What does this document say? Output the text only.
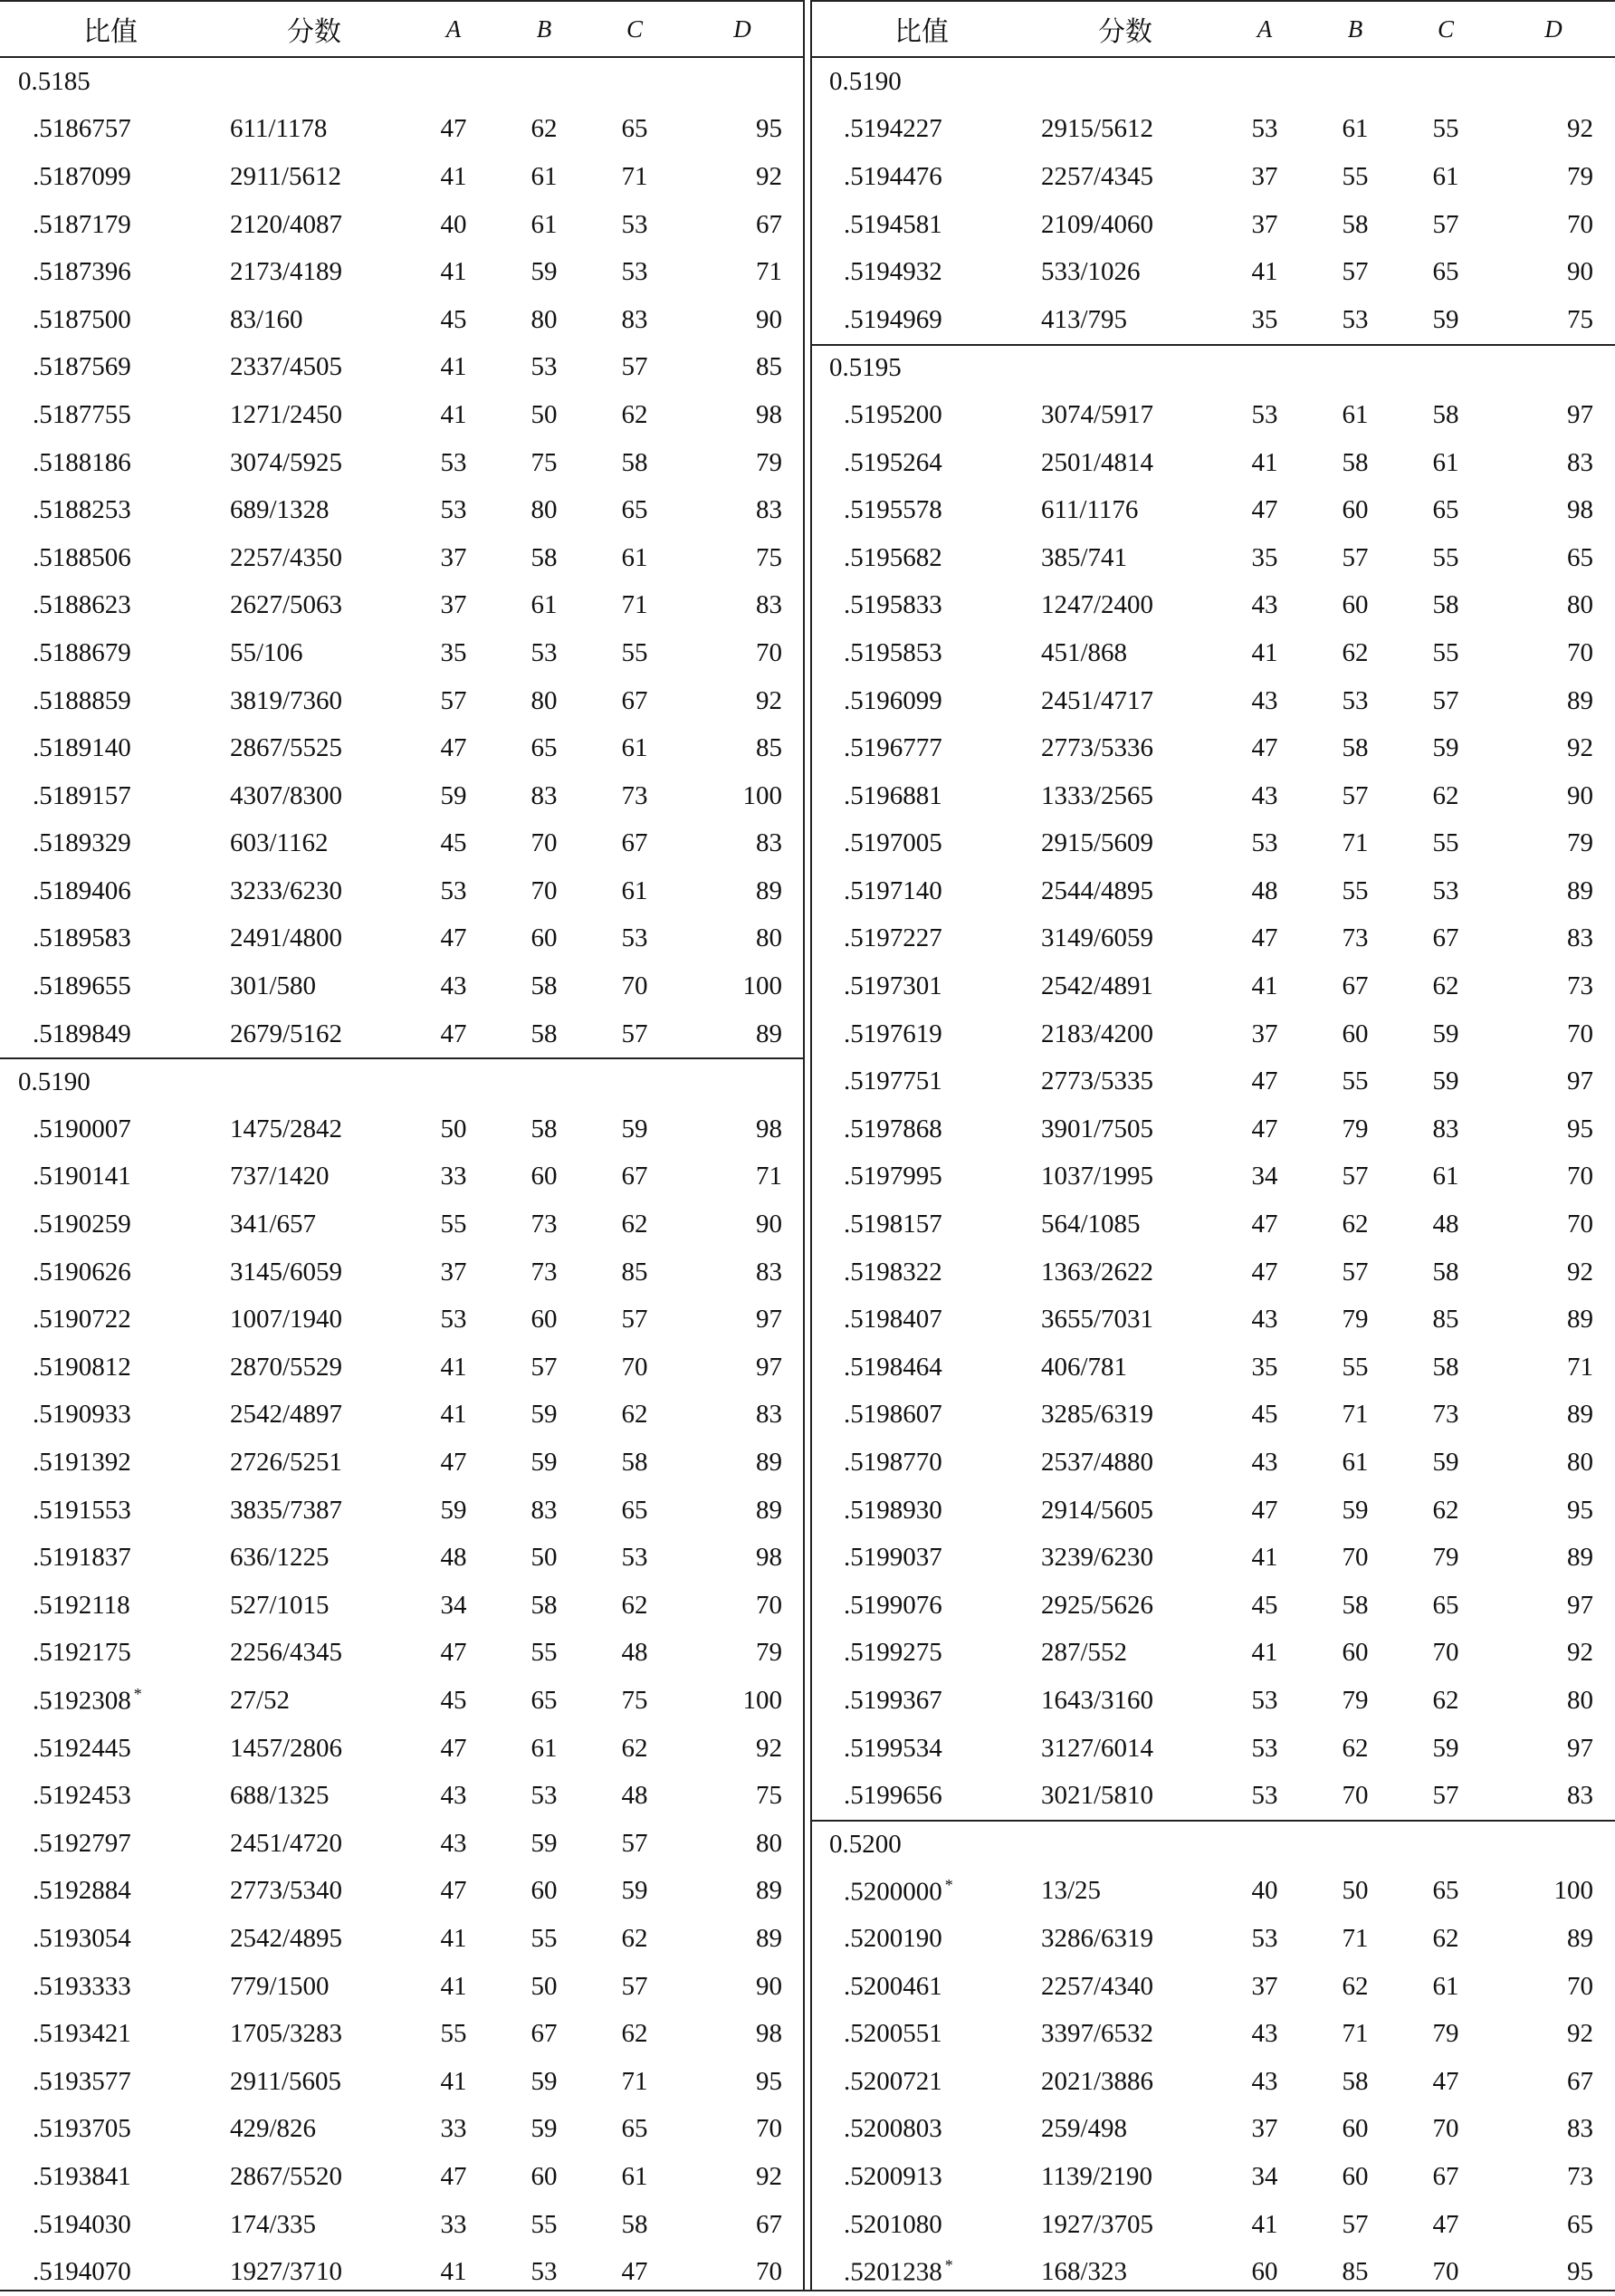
比值	分数	A	B	C	D
0.5185
.5186757	611/1178	47	62	65	95
.5187099	2911/5612	41	61	71	92
.5187179	2120/4087	40	61	53	67
.5187396	2173/4189	41	59	53	71
.5187500	83/160	45	80	83	90
.5187569	2337/4505	41	53	57	85
.5187755	1271/2450	41	50	62	98
.5188186	3074/5925	53	75	58	79
.5188253	689/1328	53	80	65	83
.5188506	2257/4350	37	58	61	75
.5188623	2627/5063	37	61	71	83
.5188679	55/106	35	53	55	70
.5188859	3819/7360	57	80	67	92
.5189140	2867/5525	47	65	61	85
.5189157	4307/8300	59	83	73	100
.5189329	603/1162	45	70	67	83
.5189406	3233/6230	53	70	61	89
.5189583	2491/4800	47	60	53	80
.5189655	301/580	43	58	70	100
.5189849	2679/5162	47	58	57	89
0.5190
.5190007	1475/2842	50	58	59	98
.5190141	737/1420	33	60	67	71
.5190259	341/657	55	73	62	90
.5190626	3145/6059	37	73	85	83
.5190722	1007/1940	53	60	57	97
.5190812	2870/5529	41	57	70	97
.5190933	2542/4897	41	59	62	83
.5191392	2726/5251	47	59	58	89
.5191553	3835/7387	59	83	65	89
.5191837	636/1225	48	50	53	98
.5192118	527/1015	34	58	62	70
.5192175	2256/4345	47	55	48	79
.5192308 *	27/52	45	65	75	100
.5192445	1457/2806	47	61	62	92
.5192453	688/1325	43	53	48	75
.5192797	2451/4720	43	59	57	80
.5192884	2773/5340	47	60	59	89
.5193054	2542/4895	41	55	62	89
.5193333	779/1500	41	50	57	90
.5193421	1705/3283	55	67	62	98
.5193577	2911/5605	41	59	71	95
.5193705	429/826	33	59	65	70
.5193841	2867/5520	47	60	61	92
.5194030	174/335	33	55	58	67
.5194070	1927/3710	41	53	47	70
比值	分数	A	B	C	D
0.5190
.5194227	2915/5612	53	61	55	92
.5194476	2257/4345	37	55	61	79
.5194581	2109/4060	37	58	57	70
.5194932	533/1026	41	57	65	90
.5194969	413/795	35	53	59	75
0.5195
.5195200	3074/5917	53	61	58	97
.5195264	2501/4814	41	58	61	83
.5195578	611/1176	47	60	65	98
.5195682	385/741	35	57	55	65
.5195833	1247/2400	43	60	58	80
.5195853	451/868	41	62	55	70
.5196099	2451/4717	43	53	57	89
.5196777	2773/5336	47	58	59	92
.5196881	1333/2565	43	57	62	90
.5197005	2915/5609	53	71	55	79
.5197140	2544/4895	48	55	53	89
.5197227	3149/6059	47	73	67	83
.5197301	2542/4891	41	67	62	73
.5197619	2183/4200	37	60	59	70
.5197751	2773/5335	47	55	59	97
.5197868	3901/7505	47	79	83	95
.5197995	1037/1995	34	57	61	70
.5198157	564/1085	47	62	48	70
.5198322	1363/2622	47	57	58	92
.5198407	3655/7031	43	79	85	89
.5198464	406/781	35	55	58	71
.5198607	3285/6319	45	71	73	89
.5198770	2537/4880	43	61	59	80
.5198930	2914/5605	47	59	62	95
.5199037	3239/6230	41	70	79	89
.5199076	2925/5626	45	58	65	97
.5199275	287/552	41	60	70	92
.5199367	1643/3160	53	79	62	80
.5199534	3127/6014	53	62	59	97
.5199656	3021/5810	53	70	57	83
0.5200
.5200000 *	13/25	40	50	65	100
.5200190	3286/6319	53	71	62	89
.5200461	2257/4340	37	62	61	70
.5200551	3397/6532	43	71	79	92
.5200721	2021/3886	43	58	47	67
.5200803	259/498	37	60	70	83
.5200913	1139/2190	34	60	67	73
.5201080	1927/3705	41	57	47	65
.5201238 *	168/323	60	85	70	95
